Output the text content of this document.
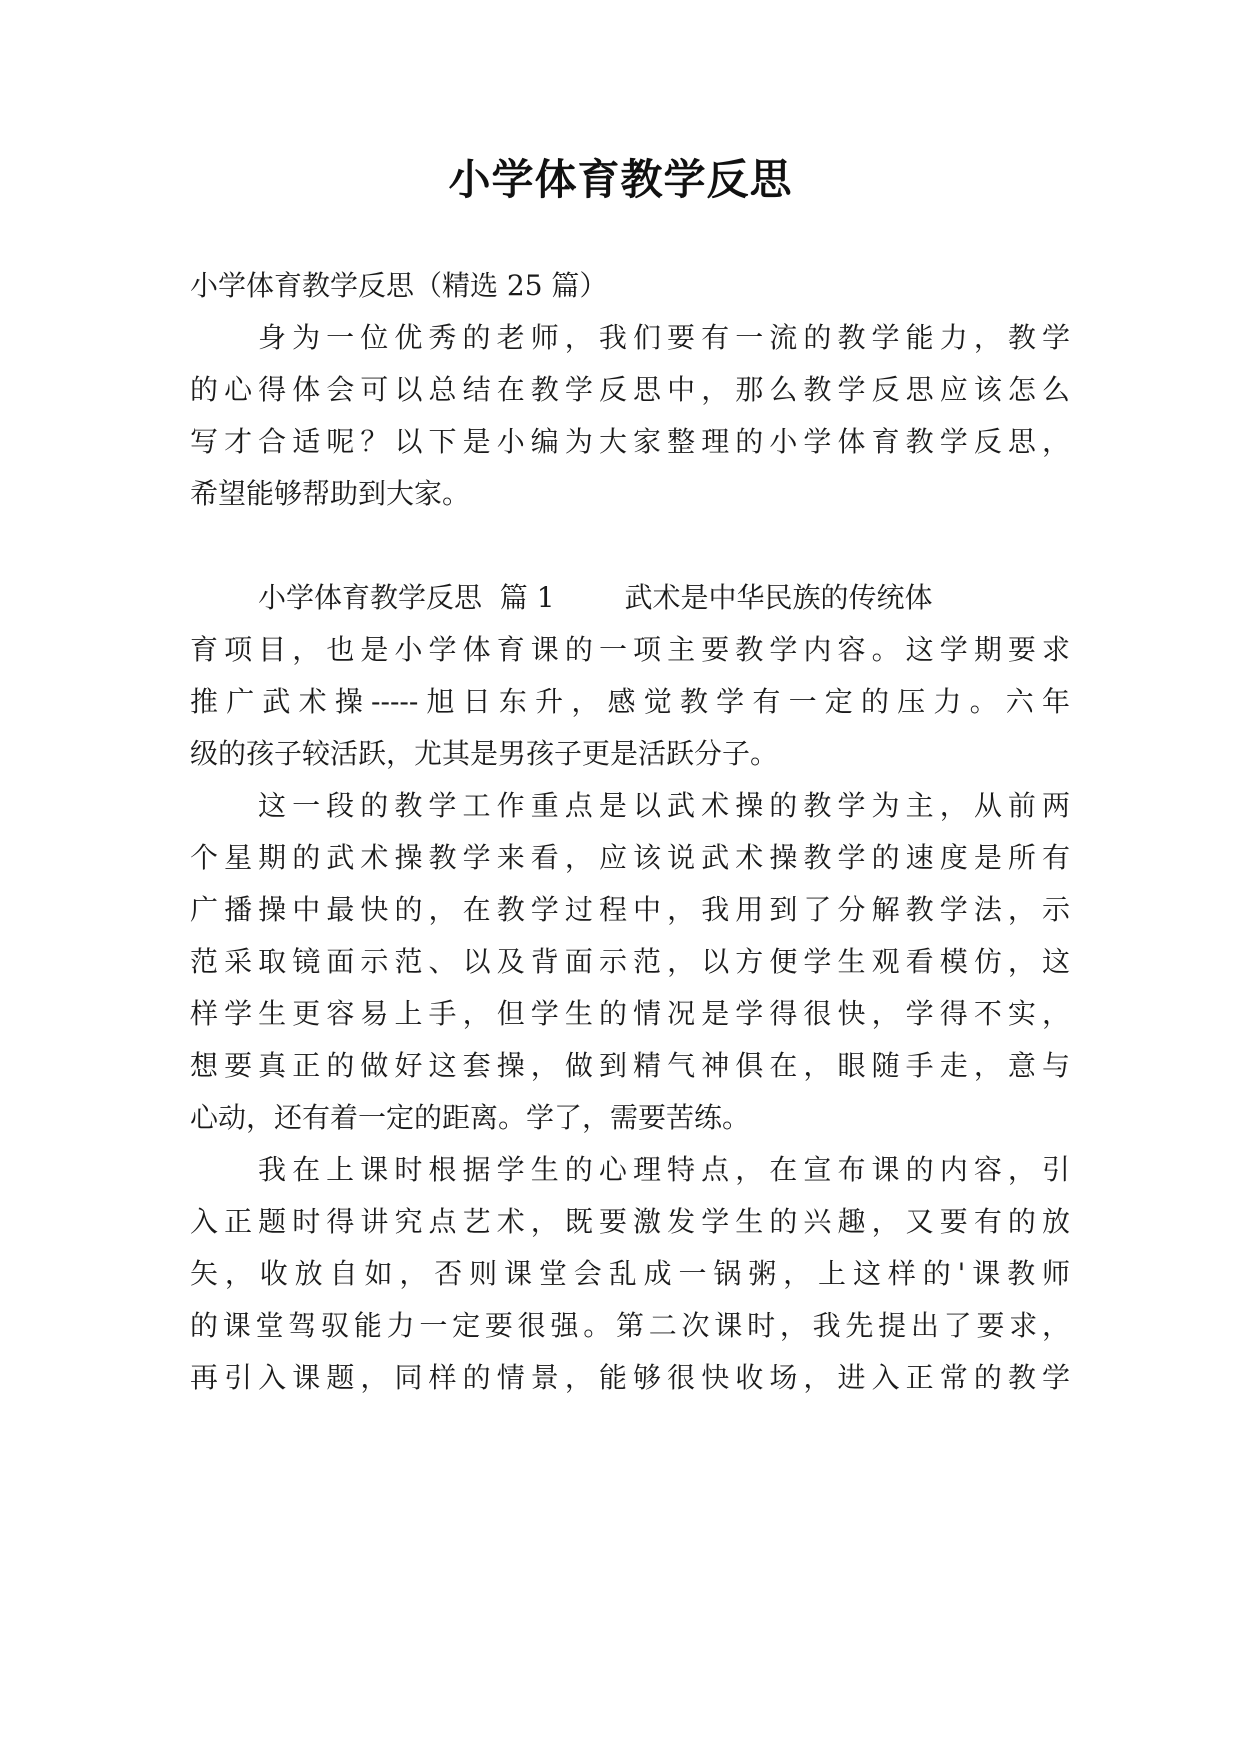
小学体育教学反思
小学体育教学反思（精选 25 篇）
身为一位优秀的老师，我们要有一流的教学能力，教学
的心得体会可以总结在教学反思中，那么教学反思应该怎么
写才合适呢？以下是小编为大家整理的小学体育教学反思，
希望能够帮助到大家。
小学体育教学反思  篇 1	武术是中华民族的传统体
育项目，也是小学体育课的一项主要教学内容。这学期要求
推广武术操-----旭日东升，感觉教学有一定的压力。六年
级的孩子较活跃，尤其是男孩子更是活跃分子。
这一段的教学工作重点是以武术操的教学为主，从前两
个星期的武术操教学来看，应该说武术操教学的速度是所有
广播操中最快的，在教学过程中，我用到了分解教学法，示
范采取镜面示范、以及背面示范，以方便学生观看模仿，这
样学生更容易上手，但学生的情况是学得很快，学得不实，
想要真正的做好这套操，做到精气神俱在，眼随手走，意与
心动，还有着一定的距离。学了，需要苦练。
我在上课时根据学生的心理特点，在宣布课的内容，引
入正题时得讲究点艺术，既要激发学生的兴趣，又要有的放
矢，收放自如，否则课堂会乱成一锅粥，上这样的'课教师
的课堂驾驭能力一定要很强。第二次课时，我先提出了要求，
再引入课题，同样的情景，能够很快收场，进入正常的教学
